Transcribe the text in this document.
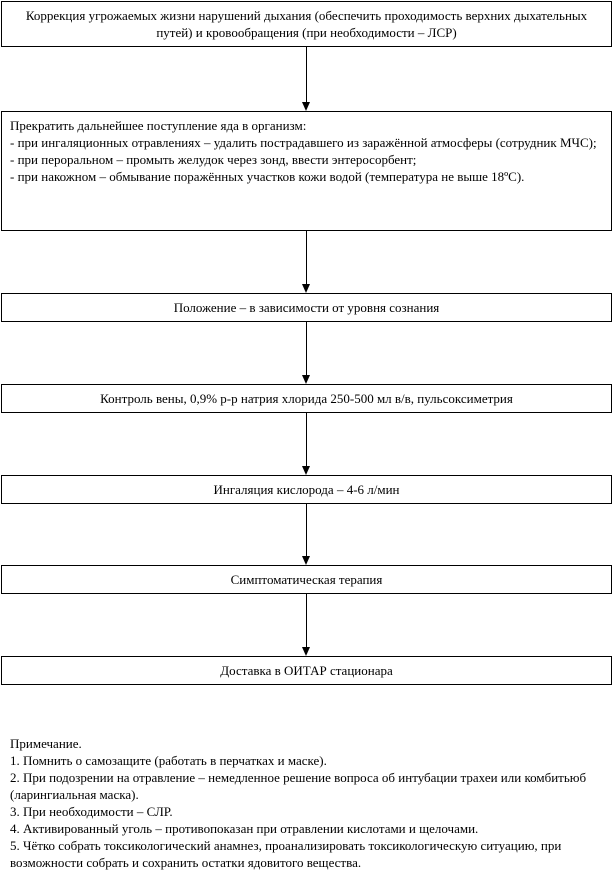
Коррекция угрожаемых жизни нарушений дыхания (обеспечить проходимость верхних дыхательных путей) и кровообращения (при необходимости – ЛСР)
Прекратить дальнейшее поступление яда в организм:
- при ингаляционных отравлениях – удалить пострадавшего из заражённой атмосферы (сотрудник МЧС);
- при пероральном – промыть желудок через зонд, ввести энтеросорбент;
- при накожном – обмывание поражённых участков кожи водой (температура не выше 18ºС).
Положение – в зависимости от уровня сознания
Контроль вены, 0,9% р-р натрия хлорида 250-500 мл в/в, пульсоксиметрия
Ингаляция кислорода – 4-6 л/мин
Симптоматическая терапия
Доставка в ОИТАР стационара
Примечание.
1. Помнить о самозащите (работать в перчатках и маске).
2. При подозрении на отравление – немедленное решение вопроса об интубации трахеи или комбитьюб (ларингиальная маска).
3. При необходимости – СЛР.
4. Активированный уголь – противопоказан при отравлении кислотами и щелочами.
5. Чётко собрать токсикологический анамнез, проанализировать токсикологическую ситуацию, при возможности собрать и сохранить остатки ядовитого вещества.
